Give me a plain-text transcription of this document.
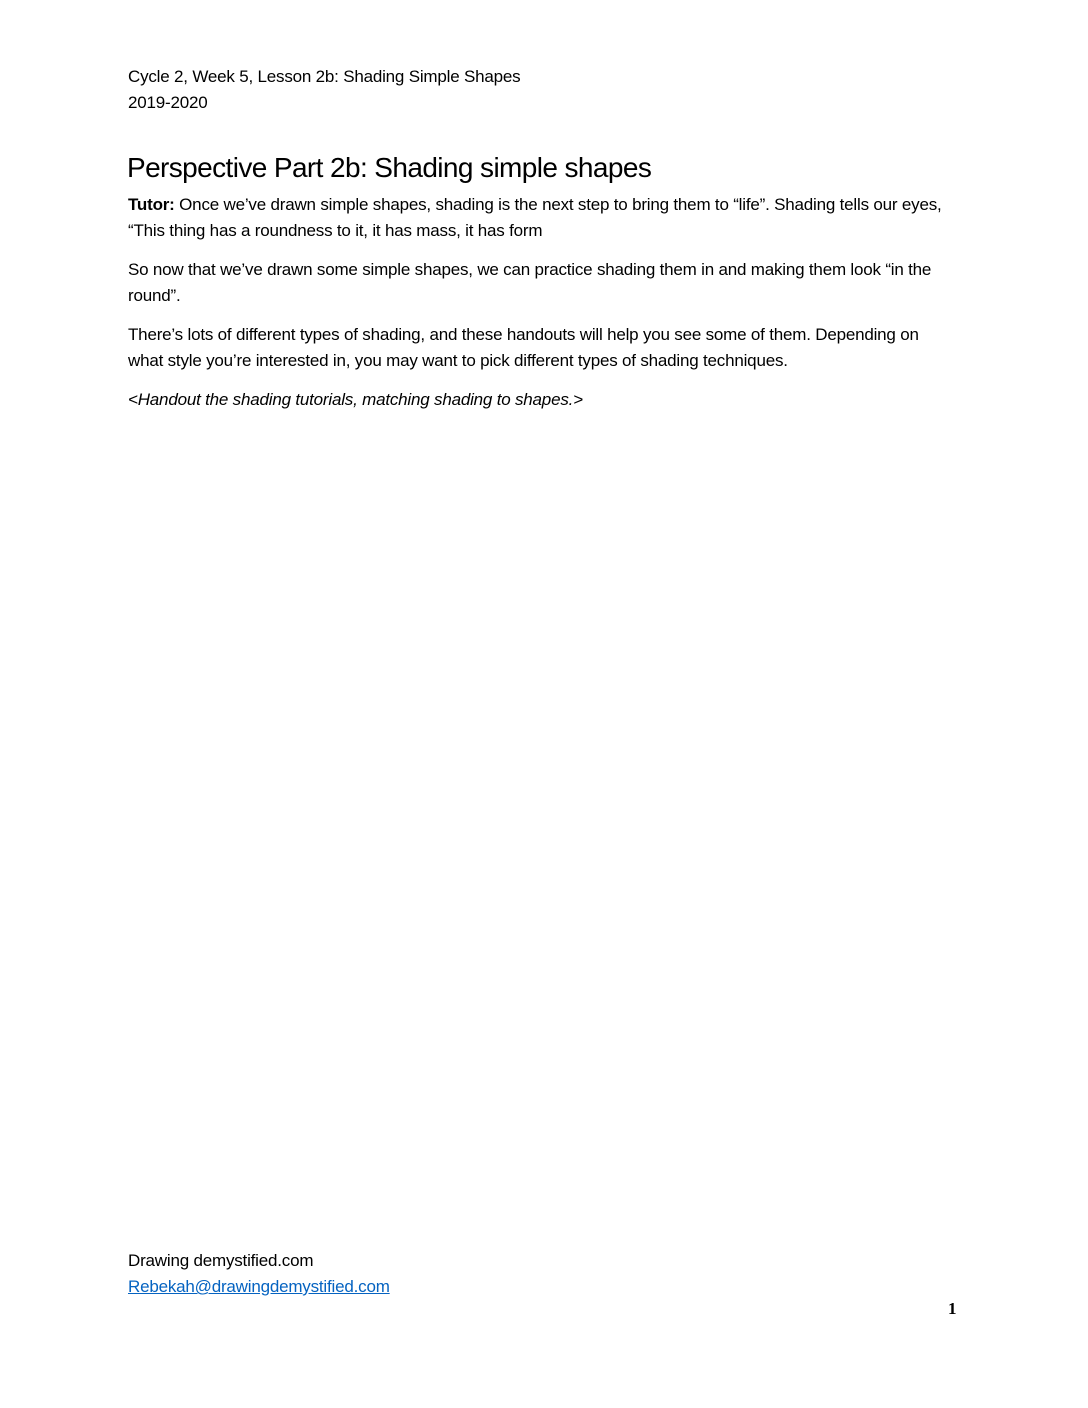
Cycle 2, Week 5, Lesson 2b: Shading Simple Shapes
2019-2020
Perspective Part 2b: Shading simple shapes

Tutor: Once we’ve drawn simple shapes, shading is the next step to bring them to “life”. Shading tells our eyes, “This thing has a roundness to it, it has mass, it has form

So now that we’ve drawn some simple shapes, we can practice shading them in and making them look “in the round”.

There’s lots of different types of shading, and these handouts will help you see some of them. Depending on what style you’re interested in, you may want to pick different types of shading techniques.

<Handout the shading tutorials, matching shading to shapes.>

Drawing demystified.com
Rebekah@drawingdemystified.com
1
